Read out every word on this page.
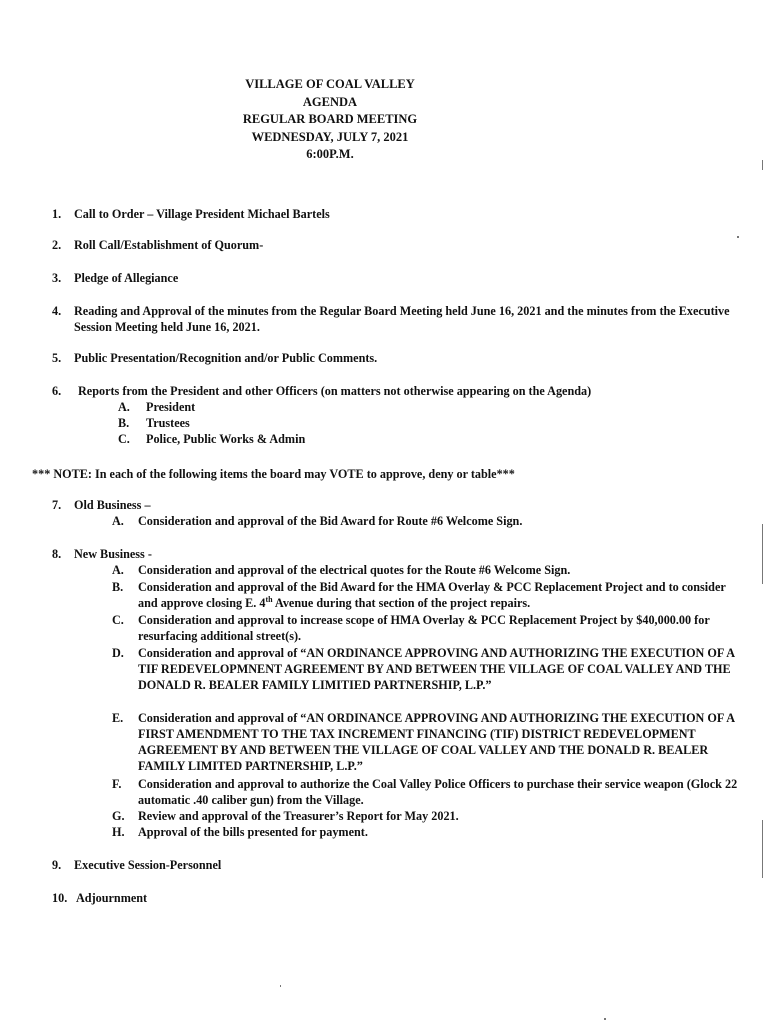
VILLAGE OF COAL VALLEY
AGENDA
REGULAR BOARD MEETING
WEDNESDAY, JULY 7, 2021
6:00P.M.
1. Call to Order – Village President Michael Bartels
2. Roll Call/Establishment of Quorum-
3. Pledge of Allegiance
4. Reading and Approval of the minutes from the Regular Board Meeting held June 16, 2021 and the minutes from the Executive Session Meeting held June 16, 2021.
5. Public Presentation/Recognition and/or Public Comments.
6. Reports from the President and other Officers (on matters not otherwise appearing on the Agenda)
A. President
B. Trustees
C. Police, Public Works & Admin
*** NOTE: In each of the following items the board may VOTE to approve, deny or table***
7. Old Business –
A. Consideration and approval of the Bid Award for Route #6 Welcome Sign.
8. New Business -
A. Consideration and approval of the electrical quotes for the Route #6 Welcome Sign.
B. Consideration and approval of the Bid Award for the HMA Overlay & PCC Replacement Project and to consider and approve closing E. 4th Avenue during that section of the project repairs.
C. Consideration and approval to increase scope of HMA Overlay & PCC Replacement Project by $40,000.00 for resurfacing additional street(s).
D. Consideration and approval of “AN ORDINANCE APPROVING AND AUTHORIZING THE EXECUTION OF A TIF REDEVELOPMNENT AGREEMENT BY AND BETWEEN THE VILLAGE OF COAL VALLEY AND THE DONALD R. BEALER FAMILY LIMITIED PARTNERSHIP, L.P.”
E. Consideration and approval of “AN ORDINANCE APPROVING AND AUTHORIZING THE EXECUTION OF A FIRST AMENDMENT TO THE TAX INCREMENT FINANCING (TIF) DISTRICT REDEVELOPMENT AGREEMENT BY AND BETWEEN THE VILLAGE OF COAL VALLEY AND THE DONALD R. BEALER FAMILY LIMITED PARTNERSHIP, L.P.”
F. Consideration and approval to authorize the Coal Valley Police Officers to purchase their service weapon (Glock 22 automatic .40 caliber gun) from the Village.
G. Review and approval of the Treasurer’s Report for May 2021.
H. Approval of the bills presented for payment.
9. Executive Session-Personnel
10. Adjournment
